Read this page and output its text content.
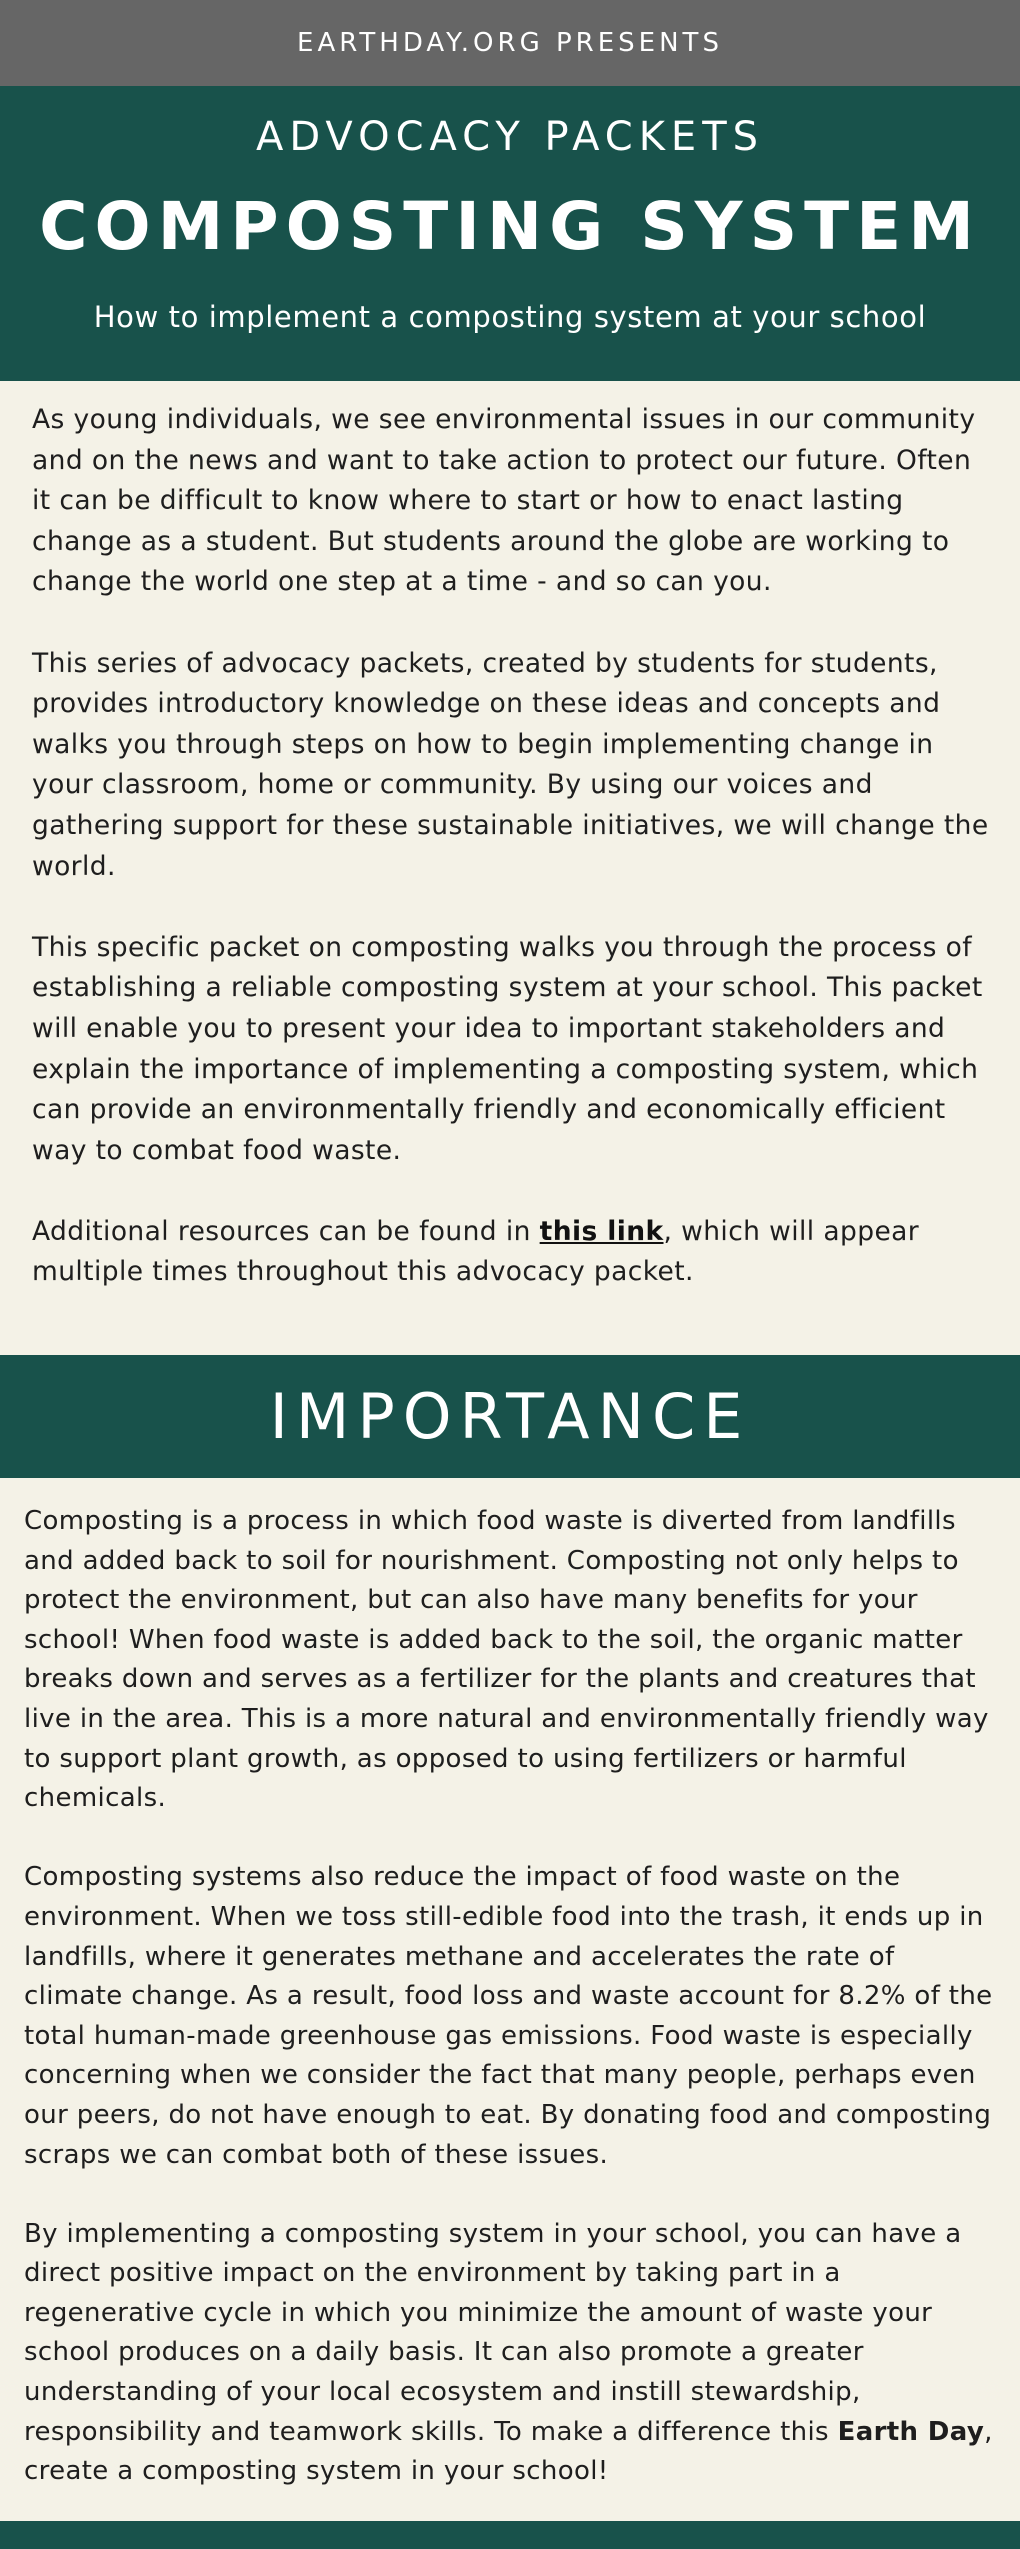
EARTHDAY.ORG PRESENTS
ADVOCACY PACKETS
COMPOSTING SYSTEM
How to implement a composting system at your school

As young individuals, we see environmental issues in our community and on the news and want to take action to protect our future. Often it can be difficult to know where to start or how to enact lasting change as a student. But students around the globe are working to change the world one step at a time - and so can you.

This series of advocacy packets, created by students for students, provides introductory knowledge on these ideas and concepts and walks you through steps on how to begin implementing change in your classroom, home or community. By using our voices and gathering support for these sustainable initiatives, we will change the world.

This specific packet on composting walks you through the process of establishing a reliable composting system at your school. This packet will enable you to present your idea to important stakeholders and explain the importance of implementing a composting system, which can provide an environmentally friendly and economically efficient way to combat food waste.

Additional resources can be found in this link, which will appear multiple times throughout this advocacy packet.

IMPORTANCE

Composting is a process in which food waste is diverted from landfills and added back to soil for nourishment. Composting not only helps to protect the environment, but can also have many benefits for your school! When food waste is added back to the soil, the organic matter breaks down and serves as a fertilizer for the plants and creatures that live in the area. This is a more natural and environmentally friendly way to support plant growth, as opposed to using fertilizers or harmful chemicals.

Composting systems also reduce the impact of food waste on the environment. When we toss still-edible food into the trash, it ends up in landfills, where it generates methane and accelerates the rate of climate change. As a result, food loss and waste account for 8.2% of the total human-made greenhouse gas emissions. Food waste is especially concerning when we consider the fact that many people, perhaps even our peers, do not have enough to eat. By donating food and composting scraps we can combat both of these issues.

By implementing a composting system in your school, you can have a direct positive impact on the environment by taking part in a regenerative cycle in which you minimize the amount of waste your school produces on a daily basis. It can also promote a greater understanding of your local ecosystem and instill stewardship, responsibility and teamwork skills. To make a difference this Earth Day, create a composting system in your school!
